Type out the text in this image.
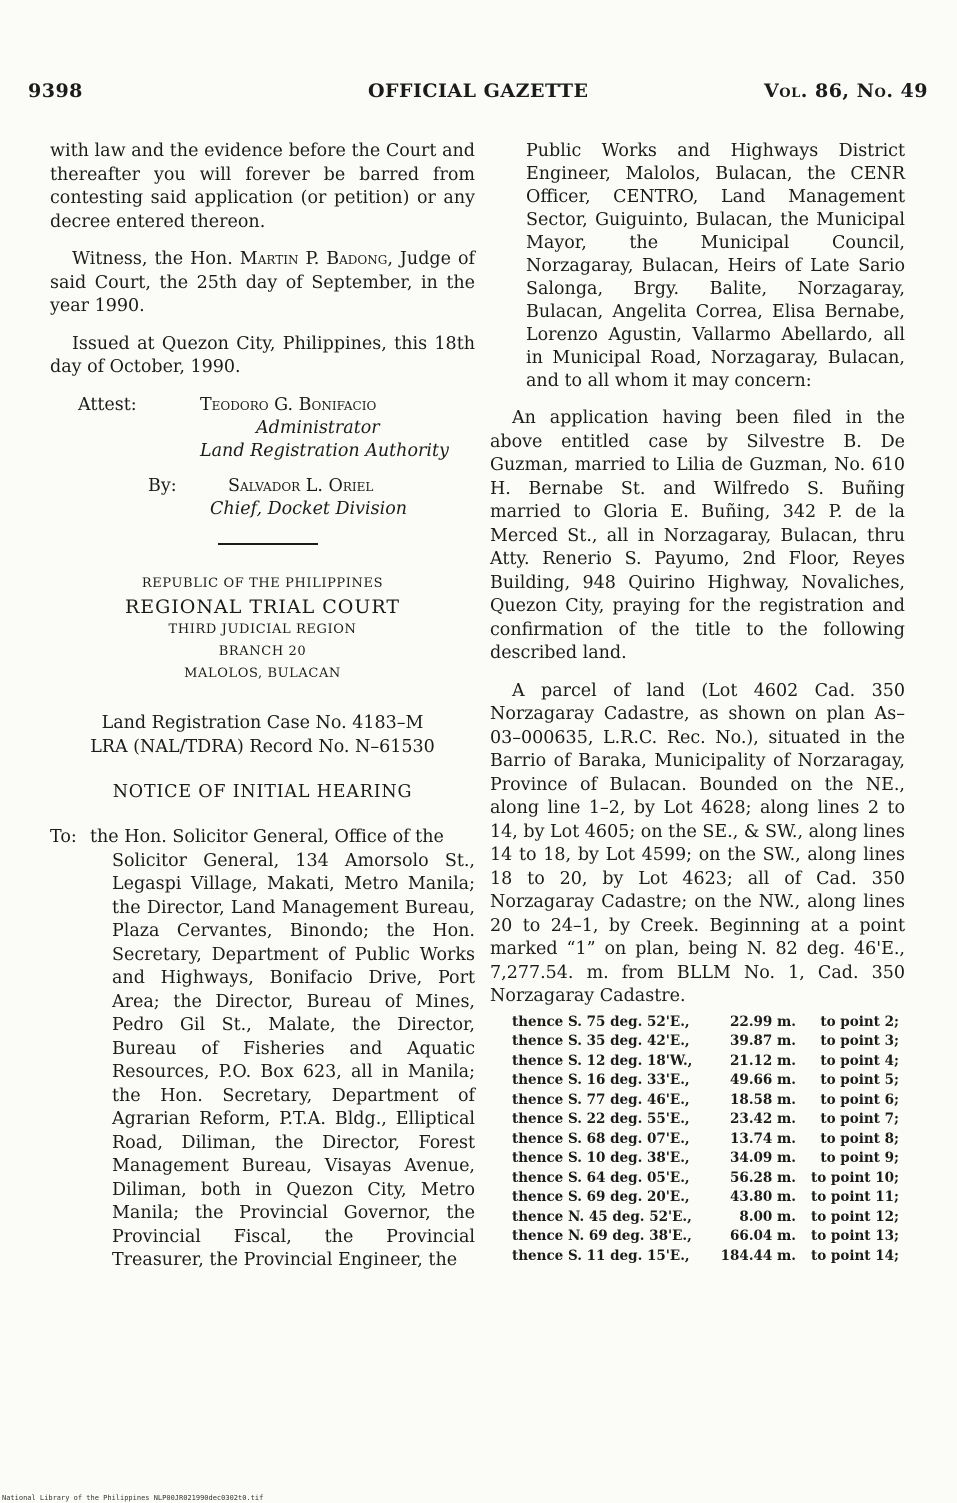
9398	OFFICIAL GAZETTE	Vol. 86, No. 49

with law and the evidence before the Court and thereafter you will forever be barred from contesting said application (or petition) or any decree entered thereon.

Witness, the Hon. Martin P. Badong, Judge of said Court, the 25th day of September, in the year 1990.

Issued at Quezon City, Philippines, this 18th day of October, 1990.

Attest:	Teodoro G. Bonifacio
Administrator
Land Registration Authority
By:	Salvador L. Oriel
Chief, Docket Division

REPUBLIC OF THE PHILIPPINES

REGIONAL TRIAL COURT

THIRD JUDICIAL REGION

BRANCH 20

MALOLOS, BULACAN

Land Registration Case No. 4183–M
LRA (NAL/TDRA) Record No. N–61530
NOTICE OF INITIAL HEARING
To: the Hon. Solicitor General, Office of the
Solicitor General, 134 Amorsolo St., Legaspi Village, Makati, Metro Manila; the Director, Land Management Bureau, Plaza Cervantes, Binondo; the Hon. Secretary, Department of Public Works and Highways, Bonifacio Drive, Port Area; the Director, Bureau of Mines, Pedro Gil St., Malate, the Director, Bureau of Fisheries and Aquatic Resources, P.O. Box 623, all in Manila; the Hon. Secretary, Department of Agrarian Reform, P.T.A. Bldg., Elliptical Road, Diliman, the Director, Forest Management Bureau, Visayas Avenue, Diliman, both in Quezon City, Metro Manila; the Provincial Governor, the Provincial Fiscal, the Provincial Treasurer, the Provincial Engineer, the

Public Works and Highways District Engineer, Malolos, Bulacan, the CENR Officer, CENTRO, Land Management Sector, Guiguinto, Bulacan, the Municipal Mayor, the Municipal Council, Norzagaray, Bulacan, Heirs of Late Sario Salonga, Brgy. Balite, Norzagaray, Bulacan, Angelita Correa, Elisa Bernabe, Lorenzo Agustin, Vallarmo Abellardo, all in Municipal Road, Norzagaray, Bulacan, and to all whom it may concern:

An application having been filed in the above entitled case by Silvestre B. De Guzman, married to Lilia de Guzman, No. 610 H. Bernabe St. and Wilfredo S. Buñing married to Gloria E. Buñing, 342 P. de la Merced St., all in Norzagaray, Bulacan, thru Atty. Renerio S. Payumo, 2nd Floor, Reyes Building, 948 Quirino Highway, Novaliches, Quezon City, praying for the registration and confirmation of the title to the following described land.

A parcel of land (Lot 4602 Cad. 350 Norzagaray Cadastre, as shown on plan As–03–000635, L.R.C. Rec. No.), situated in the Barrio of Baraka, Municipality of Norzaragay, Province of Bulacan. Bounded on the NE., along line 1–2, by Lot 4628; along lines 2 to 14, by Lot 4605; on the SE., & SW., along lines 14 to 18, by Lot 4599; on the SW., along lines 18 to 20, by Lot 4623; all of Cad. 350 Norzagaray Cadastre; on the NW., along lines 20 to 24–1, by Creek. Beginning at a point marked “1” on plan, being N. 82 deg. 46'E., 7,277.54. m. from BLLM No. 1, Cad. 350 Norzagaray Cadastre.

thence S. 75 deg. 52'E.,	22.99 m.	to point 2;
thence S. 35 deg. 42'E.,	39.87 m.	to point 3;
thence S. 12 deg. 18'W.,	21.12 m.	to point 4;
thence S. 16 deg. 33'E.,	49.66 m.	to point 5;
thence S. 77 deg. 46'E.,	18.58 m.	to point 6;
thence S. 22 deg. 55'E.,	23.42 m.	to point 7;
thence S. 68 deg. 07'E.,	13.74 m.	to point 8;
thence S. 10 deg. 38'E.,	34.09 m.	to point 9;
thence S. 64 deg. 05'E.,	56.28 m.	to point 10;
thence S. 69 deg. 20'E.,	43.80 m.	to point 11;
thence N. 45 deg. 52'E.,	8.00 m.	to point 12;
thence N. 69 deg. 38'E.,	66.04 m.	to point 13;
thence S. 11 deg. 15'E.,	184.44 m.	to point 14;
National Library of the Philippines NLP00JR021990dec0302t0.tif
